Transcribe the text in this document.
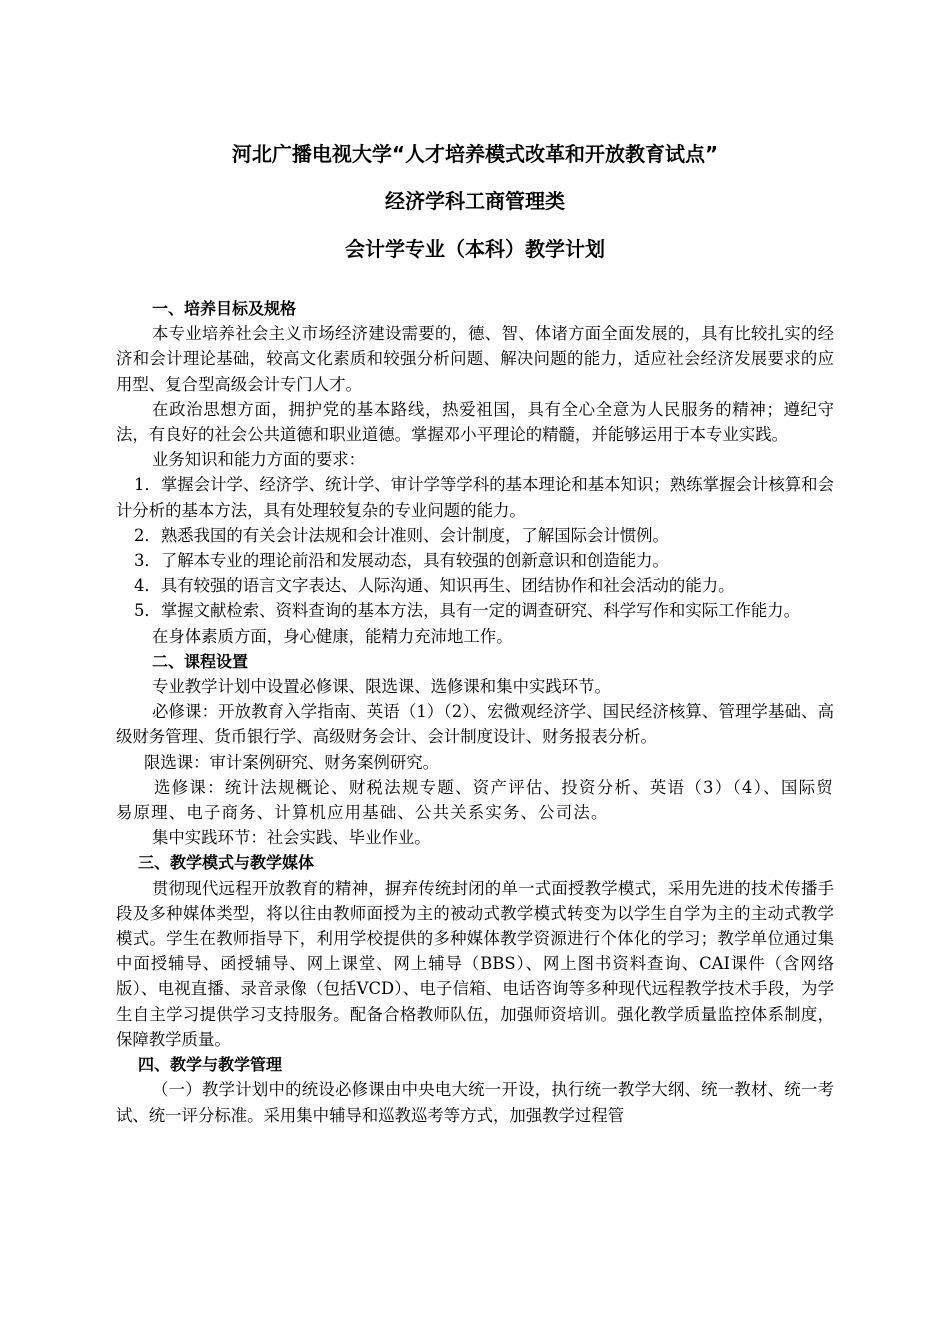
河北广播电视大学“人才培养模式改革和开放教育试点”
经济学科工商管理类
会计学专业（本科）教学计划

一、培养目标及规格

本专业培养社会主义市场经济建设需要的，德、智、体诸方面全面发展的，具有比较扎实的经济和会计理论基础，较高文化素质和较强分析问题、解决问题的能力，适应社会经济发展要求的应用型、复合型高级会计专门人才。

在政治思想方面，拥护党的基本路线，热爱祖国，具有全心全意为人民服务的精神；遵纪守法，有良好的社会公共道德和职业道德。掌握邓小平理论的精髓，并能够运用于本专业实践。

业务知识和能力方面的要求：

1．掌握会计学、经济学、统计学、审计学等学科的基本理论和基本知识；熟练掌握会计核算和会计分析的基本方法，具有处理较复杂的专业问题的能力。

2．熟悉我国的有关会计法规和会计准则、会计制度，了解国际会计惯例。

3．了解本专业的理论前沿和发展动态，具有较强的创新意识和创造能力。

4．具有较强的语言文字表达、人际沟通、知识再生、团结协作和社会活动的能力。

5．掌握文献检索、资料查询的基本方法，具有一定的调查研究、科学写作和实际工作能力。

在身体素质方面，身心健康，能精力充沛地工作。

二、课程设置

专业教学计划中设置必修课、限选课、选修课和集中实践环节。

必修课：开放教育入学指南、英语（1）（2）、宏微观经济学、国民经济核算、管理学基础、高级财务管理、货币银行学、高级财务会计、会计制度设计、财务报表分析。

限选课：审计案例研究、财务案例研究。

选修课：统计法规概论、财税法规专题、资产评估、投资分析、英语（3）（4）、国际贸易原理、电子商务、计算机应用基础、公共关系实务、公司法。

集中实践环节：社会实践、毕业作业。

三、教学模式与教学媒体

贯彻现代远程开放教育的精神，摒弃传统封闭的单一式面授教学模式，采用先进的技术传播手段及多种媒体类型，将以往由教师面授为主的被动式教学模式转变为以学生自学为主的主动式教学模式。学生在教师指导下，利用学校提供的多种媒体教学资源进行个体化的学习；教学单位通过集中面授辅导、函授辅导、网上课堂、网上辅导（BBS）、网上图书资料查询、CAI课件（含网络版）、电视直播、录音录像（包括VCD）、电子信箱、电话咨询等多种现代远程教学技术手段，为学生自主学习提供学习支持服务。配备合格教师队伍，加强师资培训。强化教学质量监控体系制度，保障教学质量。

四、教学与教学管理

（一）教学计划中的统设必修课由中央电大统一开设，执行统一教学大纲、统一教材、统一考试、统一评分标准。采用集中辅导和巡教巡考等方式，加强教学过程管
